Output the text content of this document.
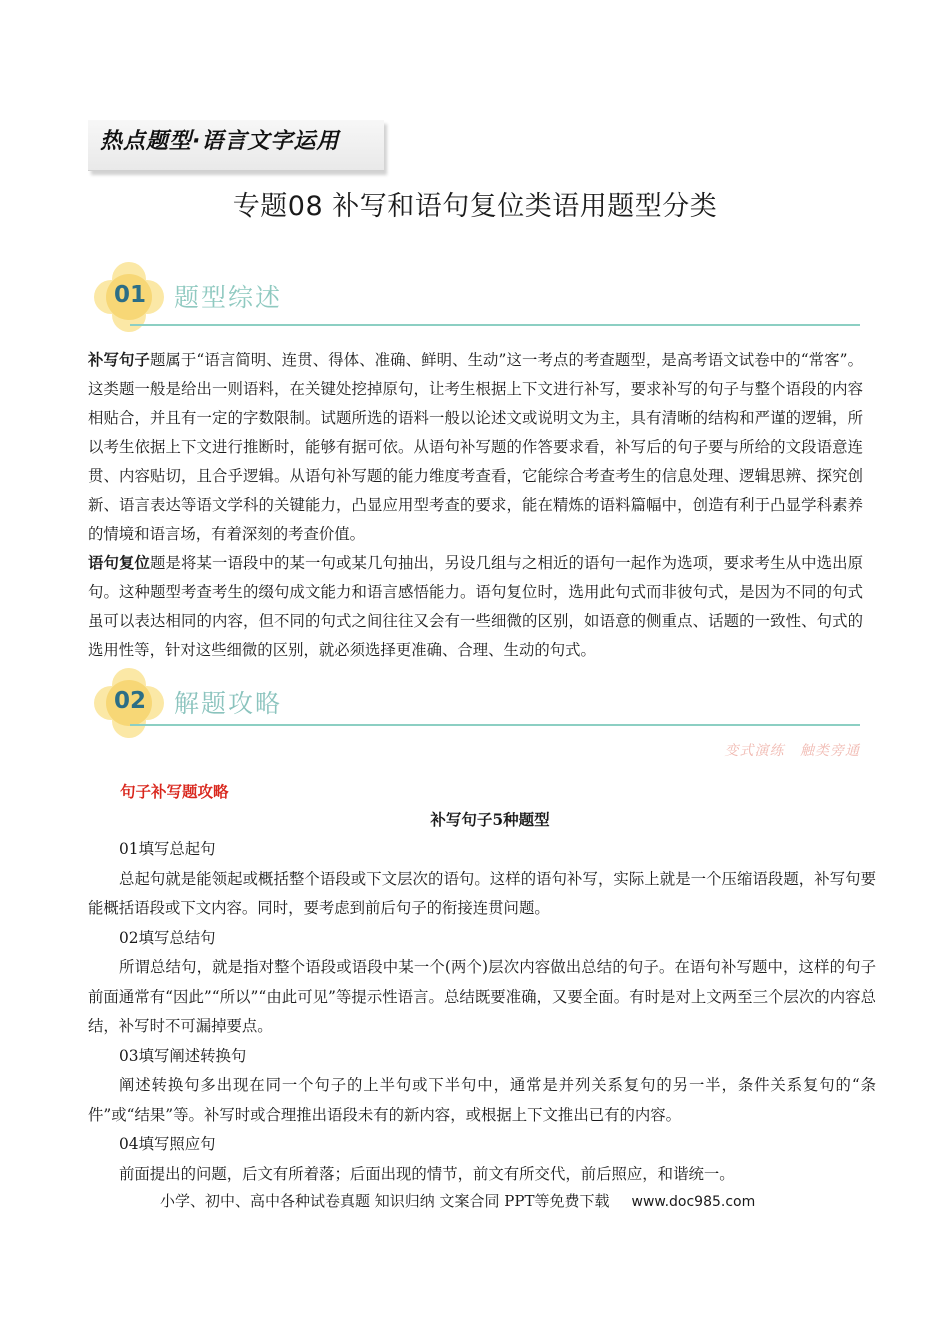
热点题型·语言文字运用
专题08 补写和语句复位类语用题型分类
01	题型综述

补写句子题属于“语言简明、连贯、得体、准确、鲜明、生动”这一考点的考查题型，是高考语文试卷中的“常客”。这类题一般是给出一则语料，在关键处挖掉原句，让考生根据上下文进行补写，要求补写的句子与整个语段的内容相贴合，并且有一定的字数限制。试题所选的语料一般以论述文或说明文为主，具有清晰的结构和严谨的逻辑，所以考生依据上下文进行推断时，能够有据可依。从语句补写题的作答要求看，补写后的句子要与所给的文段语意连贯、内容贴切，且合乎逻辑。从语句补写题的能力维度考查看，它能综合考查考生的信息处理、逻辑思辨、探究创新、语言表达等语文学科的关键能力，凸显应用型考查的要求，能在精炼的语料篇幅中，创造有利于凸显学科素养的情境和语言场，有着深刻的考查价值。

语句复位题是将某一语段中的某一句或某几句抽出，另设几组与之相近的语句一起作为选项，要求考生从中选出原句。这种题型考查考生的缀句成文能力和语言感悟能力。语句复位时，选用此句式而非彼句式，是因为不同的句式虽可以表达相同的内容，但不同的句式之间往往又会有一些细微的区别，如语意的侧重点、话题的一致性、句式的选用性等，针对这些细微的区别，就必须选择更准确、合理、生动的句式。

02	解题攻略
变式演练 触类旁通
句子补写题攻略
补写句子5种题型

01填写总起句

总起句就是能领起或概括整个语段或下文层次的语句。这样的语句补写，实际上就是一个压缩语段题，补写句要能概括语段或下文内容。同时，要考虑到前后句子的衔接连贯问题。

02填写总结句

所谓总结句，就是指对整个语段或语段中某一个(两个)层次内容做出总结的句子。在语句补写题中，这样的句子前面通常有“因此”“所以”“由此可见”等提示性语言。总结既要准确，又要全面。有时是对上文两至三个层次的内容总结，补写时不可漏掉要点。

03填写阐述转换句

阐述转换句多出现在同一个句子的上半句或下半句中，通常是并列关系复句的另一半，条件关系复句的“条件”或“结果”等。补写时或合理推出语段未有的新内容，或根据上下文推出已有的内容。

04填写照应句

前面提出的问题，后文有所着落；后面出现的情节，前文有所交代，前后照应，和谐统一。

小学、初中、高中各种试卷真题 知识归纳 文案合同 PPT等免费下载 www.doc985.com
